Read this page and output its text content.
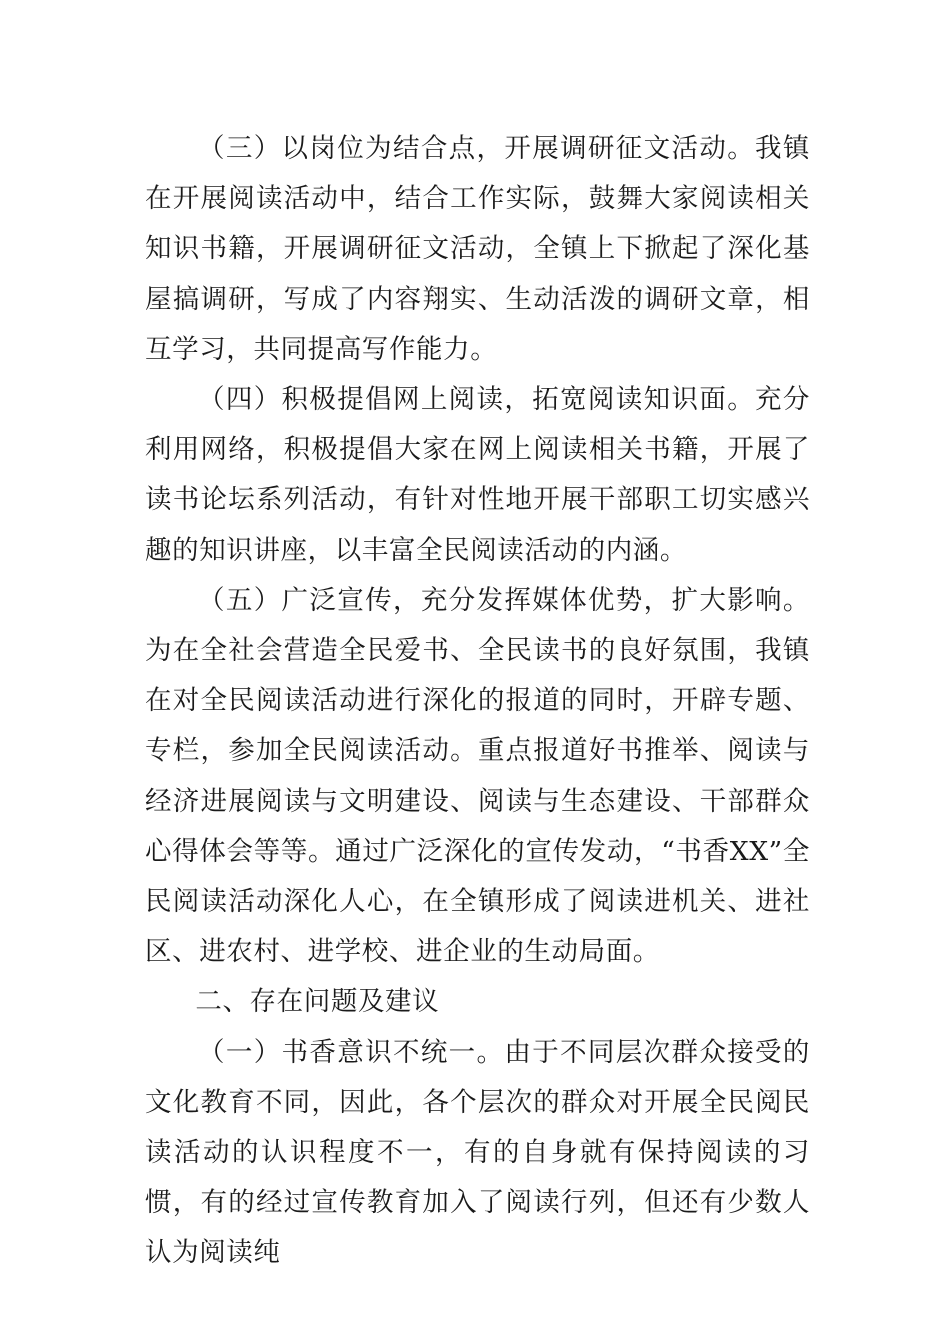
（三）以岗位为结合点，开展调研征文活动。我镇在开展阅读活动中，结合工作实际，鼓舞大家阅读相关知识书籍，开展调研征文活动，全镇上下掀起了深化基屋搞调研，写成了内容翔实、生动活泼的调研文章，相互学习，共同提高写作能力。

（四）积极提倡网上阅读，拓宽阅读知识面。充分利用网络，积极提倡大家在网上阅读相关书籍，开展了读书论坛系列活动，有针对性地开展干部职工切实感兴趣的知识讲座，以丰富全民阅读活动的内涵。

（五）广泛宣传，充分发挥媒体优势，扩大影响。为在全社会营造全民爱书、全民读书的良好氛围，我镇在对全民阅读活动进行深化的报道的同时，开辟专题、专栏，参加全民阅读活动。重点报道好书推举、阅读与经济进展阅读与文明建设、阅读与生态建设、干部群众心得体会等等。通过广泛深化的宣传发动，“书香XX”全民阅读活动深化人心，在全镇形成了阅读进机关、进社区、进农村、进学校、进企业的生动局面。

二、存在问题及建议

（一）书香意识不统一。由于不同层次群众接受的文化教育不同，因此，各个层次的群众对开展全民阅民读活动的认识程度不一，有的自身就有保持阅读的习惯，有的经过宣传教育加入了阅读行列，但还有少数人认为阅读纯
